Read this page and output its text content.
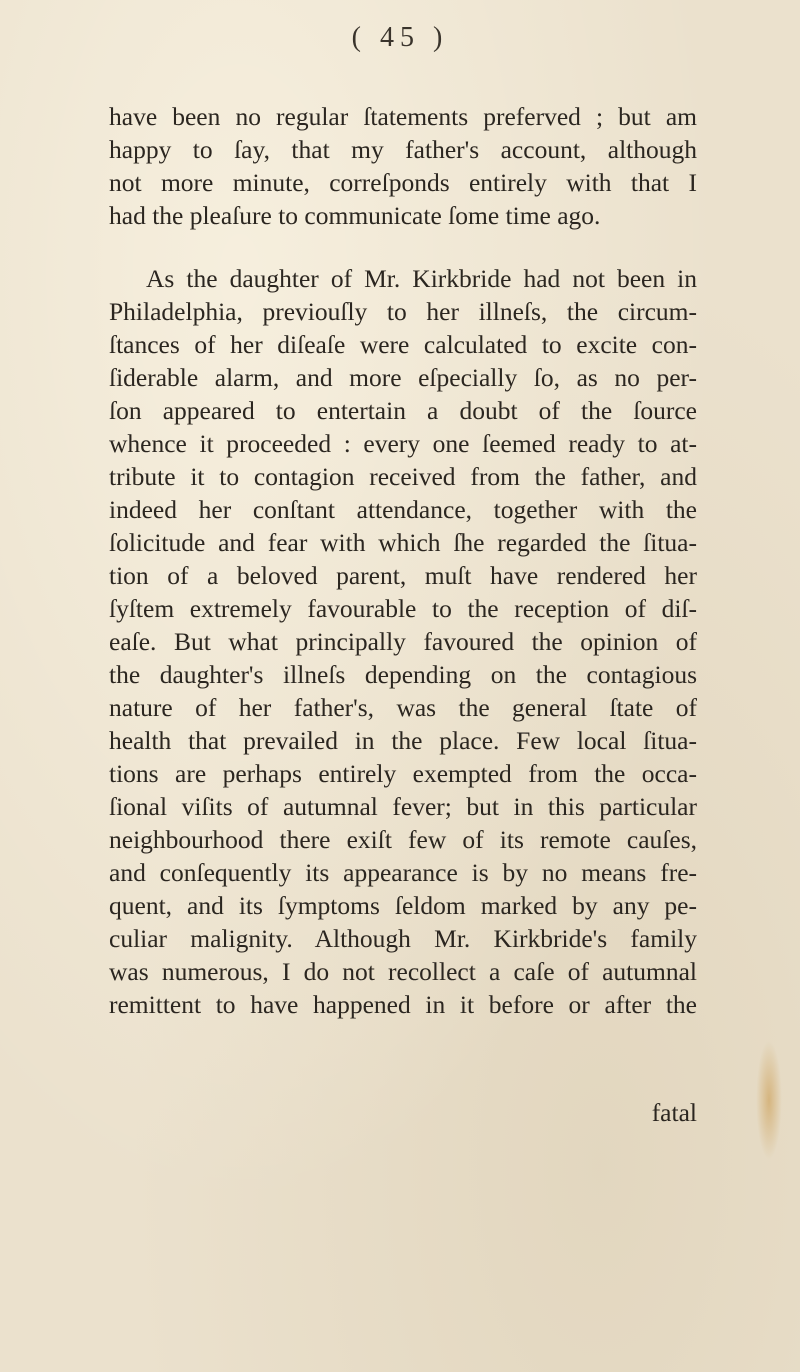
( 45 )
have been no regular ſtatements preferved ; but am
happy to ſay, that my father's account, although
not more minute, correſponds entirely with that I
had the pleaſure to communicate ſome time ago.
As the daughter of Mr. Kirkbride had not been in
Philadelphia, previouſly to her illneſs, the circum-
ſtances of her diſeaſe were calculated to excite con-
ſiderable alarm, and more eſpecially ſo, as no per-
ſon appeared to entertain a doubt of the ſource
whence it proceeded : every one ſeemed ready to at-
tribute it to contagion received from the father, and
indeed her conſtant attendance, together with the
ſolicitude and fear with which ſhe regarded the ſitua-
tion of a beloved parent, muſt have rendered her
ſyſtem extremely favourable to the reception of diſ-
eaſe. But what principally favoured the opinion of
the daughter's illneſs depending on the contagious
nature of her father's, was the general ſtate of
health that prevailed in the place. Few local ſitua-
tions are perhaps entirely exempted from the occa-
ſional viſits of autumnal fever; but in this particular
neighbourhood there exiſt few of its remote cauſes,
and conſequently its appearance is by no means fre-
quent, and its ſymptoms ſeldom marked by any pe-
culiar malignity. Although Mr. Kirkbride's family
was numerous, I do not recollect a caſe of autumnal
remittent to have happened in it before or after the
fatal
